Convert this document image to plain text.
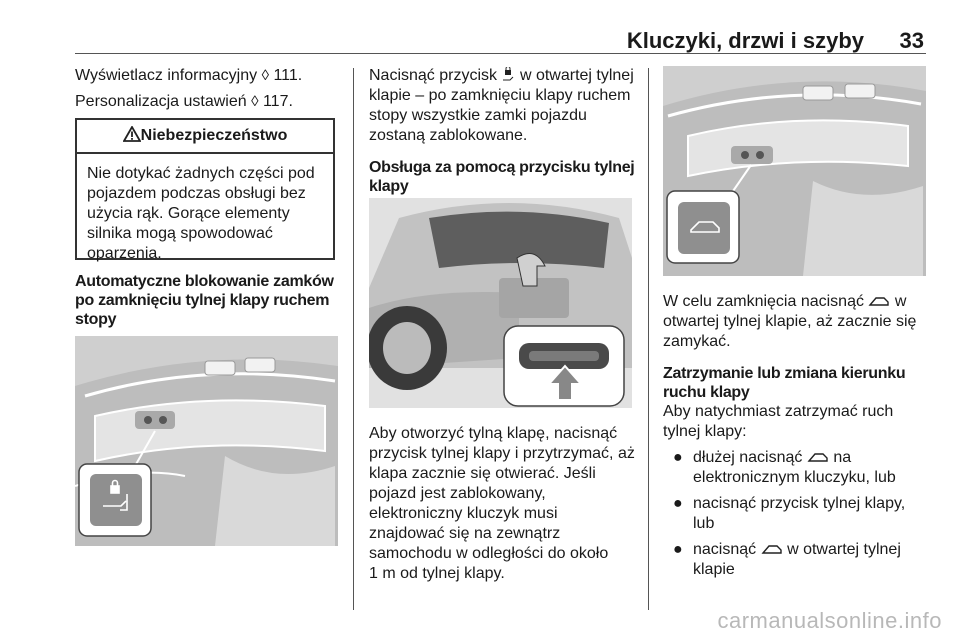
Kluczyki, drzwi i szyby 33

Wyświetlacz informacyjny ◊ 111.

Personalizacja ustawień ◊ 117.

Niebezpieczeństwo
Nie dotykać żadnych części pod
pojazdem podczas obsługi bez
użycia rąk. Gorące elementy
silnika mogą spowodować
oparzenia.
Automatyczne blokowanie zamków
po zamknięciu tylnej klapy ruchem
stopy
Nacisnąć przycisk w otwartej tylnej
klapie – po zamknięciu klapy ruchem
stopy wszystkie zamki pojazdu
zostaną zablokowane.
Obsługa za pomocą przycisku tylnej
klapy
Aby otworzyć tylną klapę, nacisnąć
przycisk tylnej klapy i przytrzymać, aż
klapa zacznie się otwierać. Jeśli
pojazd jest zablokowany,
elektroniczny kluczyk musi
znajdować się na zewnątrz
samochodu w odległości do około
1 m od tylnej klapy.
W celu zamknięcia nacisnąć w
otwartej tylnej klapie, aż zacznie się
zamykać.
Zatrzymanie lub zmiana kierunku
ruchu klapy
Aby natychmiast zatrzymać ruch
tylnej klapy:
● dłużej nacisnąć na
elektronicznym kluczyku, lub
● nacisnąć przycisk tylnej klapy,
lub
● nacisnąć w otwartej tylnej
klapie
carmanualsonline.info
